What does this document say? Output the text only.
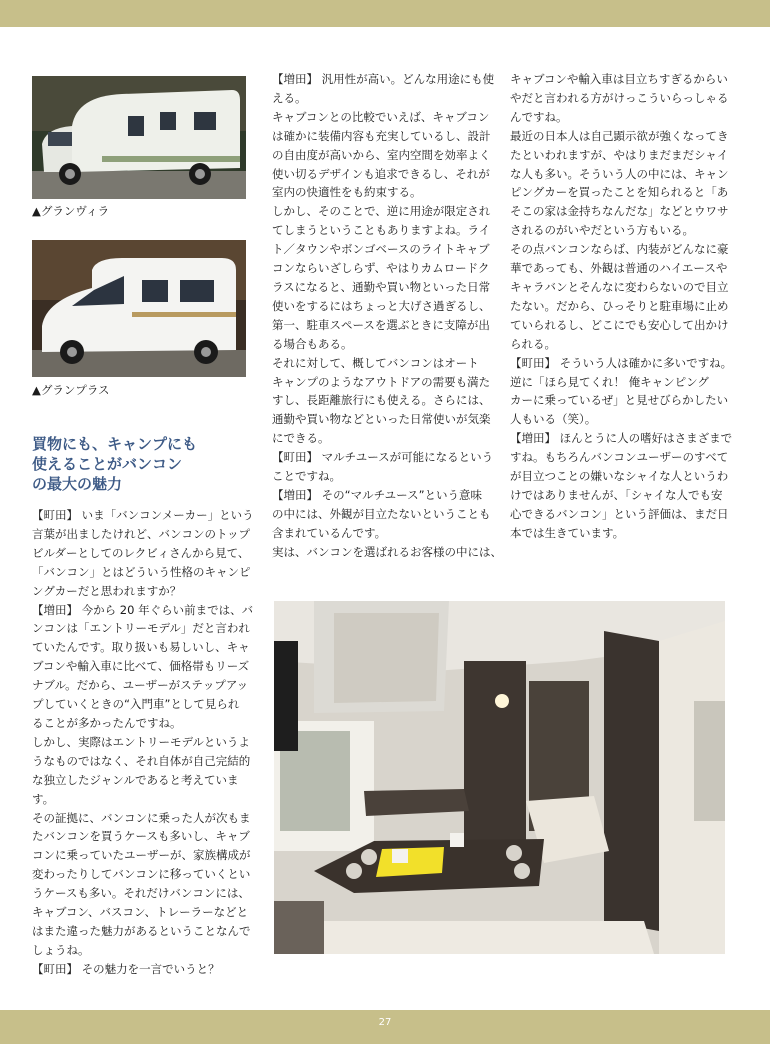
▲グランヴィラ
▲グランプラス
買物にも、キャンプにも
使えることがバンコン
の最大の魅力

【町田】 いま「バンコンメーカー」という

言葉が出ましたけれど、バンコンのトップ

ビルダーとしてのレクビィさんから見て、

「バンコン」とはどういう性格のキャンピ

ングカーだと思われますか？

【増田】 今から 20 年ぐらい前までは、バ

ンコンは「エントリーモデル」だと言われ

ていたんです。取り扱いも易しいし、キャ

ブコンや輸入車に比べて、価格帯もリーズ

ナブル。だから、ユーザーがステップアッ

プしていくときの“入門車”として見られ

ることが多かったんですね。

しかし、実際はエントリーモデルというよ

うなものではなく、それ自体が自己完結的

な独立したジャンルであると考えていま

す。

その証拠に、バンコンに乗った人が次もま

たバンコンを買うケースも多いし、キャブ

コンに乗っていたユーザーが、家族構成が

変わったりしてバンコンに移っていくとい

うケースも多い。それだけバンコンには、

キャブコン、バスコン、トレーラーなどと

はまた違った魅力があるということなんで

しょうね。

【町田】 その魅力を一言でいうと？

【増田】 汎用性が高い。どんな用途にも使

える。

キャブコンとの比較でいえば、キャブコン

は確かに装備内容も充実しているし、設計

の自由度が高いから、室内空間を効率よく

使い切るデザインも追求できるし、それが

室内の快適性をも約束する。

しかし、そのことで、逆に用途が限定され

てしまうということもありますよね。ライ

ト／タウンやボンゴベースのライトキャブ

コンならいざしらず、やはりカムロードク

ラスになると、通勤や買い物といった日常

使いをするにはちょっと大げさ過ぎるし、

第一、駐車スペースを選ぶときに支障が出

る場合もある。

それに対して、概してバンコンはオート

キャンプのようなアウトドアの需要も満た

すし、長距離旅行にも使える。さらには、

通勤や買い物などといった日常使いが気楽

にできる。

【町田】 マルチユースが可能になるという

ことですね。

【増田】 その“マルチユース”という意味

の中には、外観が目立たないということも

含まれているんです。

実は、バンコンを選ばれるお客様の中には、

キャブコンや輸入車は目立ちすぎるからい

やだと言われる方がけっこういらっしゃる

んですね。

最近の日本人は自己顕示欲が強くなってき

たといわれますが、やはりまだまだシャイ

な人も多い。そういう人の中には、キャン

ピングカーを買ったことを知られると「あ

そこの家は金持ちなんだな」などとウワサ

されるのがいやだという方もいる。

その点バンコンならば、内装がどんなに豪

華であっても、外観は普通のハイエースや

キャラバンとそんなに変わらないので目立

たない。だから、ひっそりと駐車場に止め

ていられるし、どこにでも安心して出かけ

られる。

【町田】 そういう人は確かに多いですね。

逆に「ほら見てくれ！ 俺キャンピング

カーに乗っているぜ」と見せびらかしたい

人もいる（笑）。

【増田】 ほんとうに人の嗜好はさまざまで

すね。もちろんバンコンユーザーのすべて

が目立つことの嫌いなシャイな人というわ

けではありませんが、「シャイな人でも安

心できるバンコン」という評価は、まだ日

本では生きています。

27
